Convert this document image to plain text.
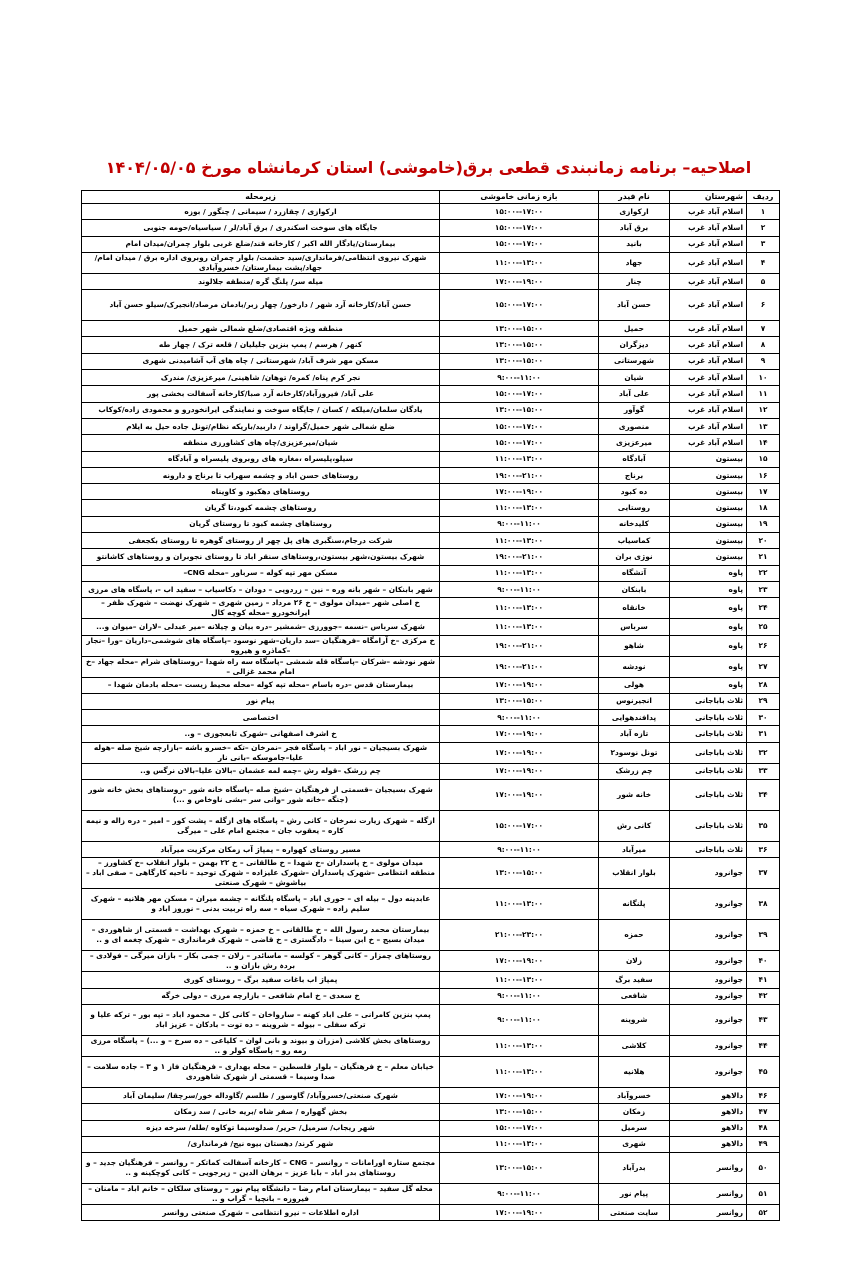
اصلاحیه– برنامه زمانبندی قطعی برق(خاموشی) استان کرمانشاه مورخ ۱۴۰۴/۰۵/۰۵
ردیف	شهرستان	نام فیدر	بازه زمانی خاموشی	زیرمحله
۱	اسلام آباد غرب	ارکوازی	۱۵:۰۰--۱۷:۰۰	ارکوازی / چقازرد / سیمانی / چنگور / بوزه
۲	اسلام آباد غرب	برق آباد	۱۵:۰۰--۱۷:۰۰	جایگاه های سوخت اسکندری / برق آباد/لر / سیاسیاه/حومه جنوبی
۳	اسلام آباد غرب	بانید	۱۵:۰۰--۱۷:۰۰	بیمارستان/یادگار الله اکبر / کارخانه قند/ضلع غربی بلوار چمران/میدان امام
۴	اسلام آباد غرب	جهاد	۱۱:۰۰--۱۳:۰۰	شهرک نیروی انتظامی/فرمانداری/سید حشمت/ بلوار چمران روبروی اداره برق / میدان امام/جهاد/پشت بیمارستان/ خسروآبادی
۵	اسلام آباد غرب	چنار	۱۷:۰۰--۱۹:۰۰	میله سر/ پلنگ گره /منطقه جلالوند
۶	اسلام آباد غرب	حسن آباد	۱۵:۰۰--۱۷:۰۰	حسن آباد/کارخانه آرد شهر / دارخور/ چهار زبر/بادمان مرصاد/انجیرک/سیلو حسن آباد
۷	اسلام آباد غرب	حمیل	۱۳:۰۰--۱۵:۰۰	منطقه ویژه اقتصادی/ضلع شمالی شهر حمیل
۸	اسلام آباد غرب	دیزگران	۱۳:۰۰--۱۵:۰۰	کنهر / هرسم / پمپ بنزین جلیلیان / قلعه ترک / چهار طه
۹	اسلام آباد غرب	شهرستانی	۱۳:۰۰--۱۵:۰۰	مسکن مهر شرف آباد/ شهرستانی / چاه های آب آشامیدنی شهری
۱۰	اسلام آباد غرب	شیان	۹:۰۰--۱۱:۰۰	نجر کرم پناه/ کمره/ توهان/ شاهینی/ میرعزیزی/ مندرک
۱۱	اسلام آباد غرب	علی آباد	۱۵:۰۰--۱۷:۰۰	علی آباد/ فیروزآباد/کارخانه آرد صبا/کارخانه آسفالت بخشی پور
۱۲	اسلام آباد غرب	گوآور	۱۳:۰۰--۱۵:۰۰	یادگان سلمان/میلکه / کسان / جایگاه سوخت و نمایندگی ایرانخودرو و محمودی زاده/کوکاب
۱۳	اسلام آباد غرب	منصوری	۱۵:۰۰--۱۷:۰۰	ضلع شمالی شهر حمیل/گراوند / داربید/باریکه نظام/تونل جاده حیل به ایلام
۱۴	اسلام آباد غرب	میرعزیزی	۱۵:۰۰--۱۷:۰۰	شیان/میرعزیزی/چاه های کشاورزی منطقه
۱۵	بیستون	آبادگاه	۱۱:۰۰--۱۳:۰۰	سیلو،پلیسراه ،مغازه های روبروی پلیسراه و آبادگاه
۱۶	بیستون	برناج	۱۹:۰۰--۲۱:۰۰	روستاهای حسن اباد و چشمه سهراب تا برناج و دارونه
۱۷	بیستون	ده کبود	۱۷:۰۰--۱۹:۰۰	روستاهای دهکبود و کاویناه
۱۸	بیستون	روستایی	۱۱:۰۰--۱۳:۰۰	روستاهای چشمه کبود،تا گریان
۱۹	بیستون	کلیدخانه	۹:۰۰--۱۱:۰۰	روستاهای چشمه کبود تا روستای گریان
۲۰	بیستون	کماسیاب	۱۱:۰۰--۱۳:۰۰	شرکت درجام،سنگبری های پل چهر از روستای گوهره تا روستای بکجعفی
۲۱	بیستون	نوژی بران	۱۹:۰۰--۲۱:۰۰	شهرک بیستون،شهر بیستون،روستاهای سنقر اباد تا روستای نجوبران و روستاهای کاشانتو
۲۲	پاوه	آتشگاه	۱۱:۰۰--۱۳:۰۰	مسکن مهر تپه کوله – سرباور –محله CNG–
۲۳	پاوه	بابنکان	۹:۰۰--۱۱:۰۰	شهر بابنکان – شهر بانه وره – نین – زردویی – دودان – دکاسیاب – سقید اب -، پاسگاه های مرزی
۲۴	پاوه	خانقاه	۱۱:۰۰--۱۳:۰۰	خ اصلی شهر –میدان مولوی – خ ۲۶ مرداد – زمین شهری – شهرک نهضت – شهرک ظفر –ایرانخودرو –محله کوچه کال
۲۵	پاوه	سرباس	۱۱:۰۰--۱۳:۰۰	شهرک سرباس –نسمه –جوورزی –شمشیر –دره بیان و چیلانه –میر عبدلی –لاران –میوان و...
۲۶	پاوه	شاهو	۱۹:۰۰--۲۱:۰۰	خ مرکزی –خ آرامگاه –فرهنگیان –سد داریان–شهر نوسود –پاسگاه های شوشمی–داریان –ورا –نجار –کماذره و هیروه
۲۷	پاوه	نودشه	۱۹:۰۰--۲۱:۰۰	شهر نودشه –شرکان –پاسگاه قله شمشی –پاسگاه سه راه شهدا –روستاهای شرام –محله جهاد –خ امام محمد غزالی –
۲۸	پاوه	هولی	۱۷:۰۰--۱۹:۰۰	بیمارستان قدس –دره باسام –محله تپه کوله –محله محیط زیست –محله بادمان شهدا –
۲۹	ثلاث باباجانی	انجیرنوس	۱۳:۰۰--۱۵:۰۰	پیام نور
۳۰	ثلاث باباجانی	پدافندهوایی	۹:۰۰--۱۱:۰۰	اختصاصی
۳۱	ثلاث باباجانی	تازه آباد	۱۷:۰۰--۱۹:۰۰	خ اشرف اصفهانی –شهرک تابعجوزی – و..
۳۲	ثلاث باباجانی	تونل نوسود۲	۱۷:۰۰--۱۹:۰۰	شهرک بسیجیان – نور اباد – پاسگاه فجر –نمرخان –تکه –خسرو باشه –بازارچه شیخ صله –هوله علیا–جاموسکه –بانی نار
۳۳	ثلاث باباجانی	چم زرشک	۱۷:۰۰--۱۹:۰۰	چم زرشک –قوله رش –چمه لمه عشمان –بالان علیا–بالان نرگس و..
۳۴	ثلاث باباجانی	خانه شور	۱۷:۰۰--۱۹:۰۰	شهرک بسیجیان –قسمتی از فرهنگیان –شیخ صله –پاسگاه خانه شور –روستاهای بخش خانه شور (جنگه –خانه شور –وانی سر –بشی ناوخاص و ...)
۳۵	ثلاث باباجانی	کانی رش	۱۵:۰۰--۱۷:۰۰	ازگله – شهرک زیارت نمرخان – کانی رش – پاسگاه های ازگله – پشت کور – امیر – دره زاله و نیمه کاره – یعقوب جان – مجتمع امام علی – میرگی
۳۶	ثلاث باباجانی	میرآباد	۹:۰۰--۱۱:۰۰	مسیر روستای کهواره – پمپاژ آب زمکان مرکزیت میرآباد
۳۷	جوانرود	بلوار انقلاب	۱۳:۰۰--۱۵:۰۰	میدان مولوی – خ پاسداران –خ شهدا – خ طالقانی – خ ۲۲ بهمن – بلوار انقلاب –خ کشاورز – منطقه انتظامی –شهرک پاسداران –شهرک علیزاده – شهرک توحید – ناحیه کارگاهی – صفی اباد – بیاشوش – شهرک صنعتی
۳۸	جوانرود	پلنگانه	۱۱:۰۰--۱۳:۰۰	عابدینه دول – بیله ای – حوری اباد – پاسگاه پلنگانه – چشمه میران – مسکن مهر هلانیه – شهرک سلیم زاده – شهرک سیاه – سه راه تربیت بدنی – نوروز اباد و
۳۹	جوانرود	حمزه	۲۱:۰۰--۲۳:۰۰	بیمارستان محمد رسول الله – خ طالقانی – خ حمزه – شهرک بهداشت – قسمتی از شاهوردی – میدان بسیج – خ ابن سینا – دادگستری – خ قاضی – شهرک فرمانداری – شهرک چغمه ای و ..
۴۰	جوانرود	زلان	۱۷:۰۰--۱۹:۰۰	روستاهای چمزار – کانی گوهر – کولسه – ماسائدر – زلان – جمی بکار – بازان میرگی – فولادی – بردہ رش بازان و ..
۴۱	جوانرود	سفید برگ	۱۱:۰۰--۱۳:۰۰	پمپاژ اب باغات سفید برگ – روستای کوری
۴۲	جوانرود	شافعی	۹:۰۰--۱۱:۰۰	خ سعدی – خ امام شافعی – بازارچه مرزی – دولی خرگه
۴۳	جوانرود	شروینه	۹:۰۰--۱۱:۰۰	پمپ بنزین کامرانی – علی اباد کهنه – سارواخان – کانی کل – محمود اباد – تپه بور – ترکه علیا و ترکه سفلی – بیوله – شروینه – ده توت – بادکان – عزیز اباد
۴۴	جوانرود	کلاشی	۱۱:۰۰--۱۳:۰۰	روستاهای بخش کلاشی (مزران و بیوند و بانی لوان – کلیاعی – ده سرخ – و ...) – پاسگاه مرزی رمه رو – پاسگاه کولر و ..
۴۵	جوانرود	هلانیه	۱۱:۰۰--۱۳:۰۰	خیابان معلم – خ فرهنگیان – بلوار فلسطین – محله بهداری – فرهنگیان فاز ۱ و ۳ – جاده سلامت – صدا وسیما – قسمتی از شهرک شاهوردی
۴۶	دالاهو	خسروآباد	۱۷:۰۰--۱۹:۰۰	شهرک صنعتی/خسروآباد/ گاوسور / طلسم /گاوداله خور/سرچقا/ سلیمان آباد
۴۷	دالاهو	زمکان	۱۳:۰۰--۱۵:۰۰	بخش گهواره / صفر شاه /بریه خانی / سد زمکان
۴۸	دالاهو	سرمیل	۱۵:۰۰--۱۷:۰۰	شهر ریجاب/ سرمیل/ حریر/ صدلوسیما توکاوه /طله/ سرخه دیزه
۴۹	دالاهو	شهری	۱۱:۰۰--۱۳:۰۰	شهر کرند/ دهستان بیوه نیج/ فرمانداری/
۵۰	روانسر	بدرآباد	۱۳:۰۰--۱۵:۰۰	مجتمع ستاره اورامانات – روانسر – CNG – کارخانه آسفالت کماتکر – روانسر – فرهنگیان جدید – و روستاهای بدر اباد – بابا عزیز – برهان الدین – زیرجویی – کانی کوچکینه و ..
۵۱	روانسر	پیام نور	۹:۰۰--۱۱:۰۰	محله گل سفید – بیمارستان امام رضا – دانشگاه پیام نور – روستای سلکان – خانم اباد – مامنان – فیروزه – بانچیا – گراب و ..
۵۲	روانسر	سایت صنعتی	۱۷:۰۰--۱۹:۰۰	اداره اطلاعات – نیرو انتظامی – شهرک صنعتی روانسر
